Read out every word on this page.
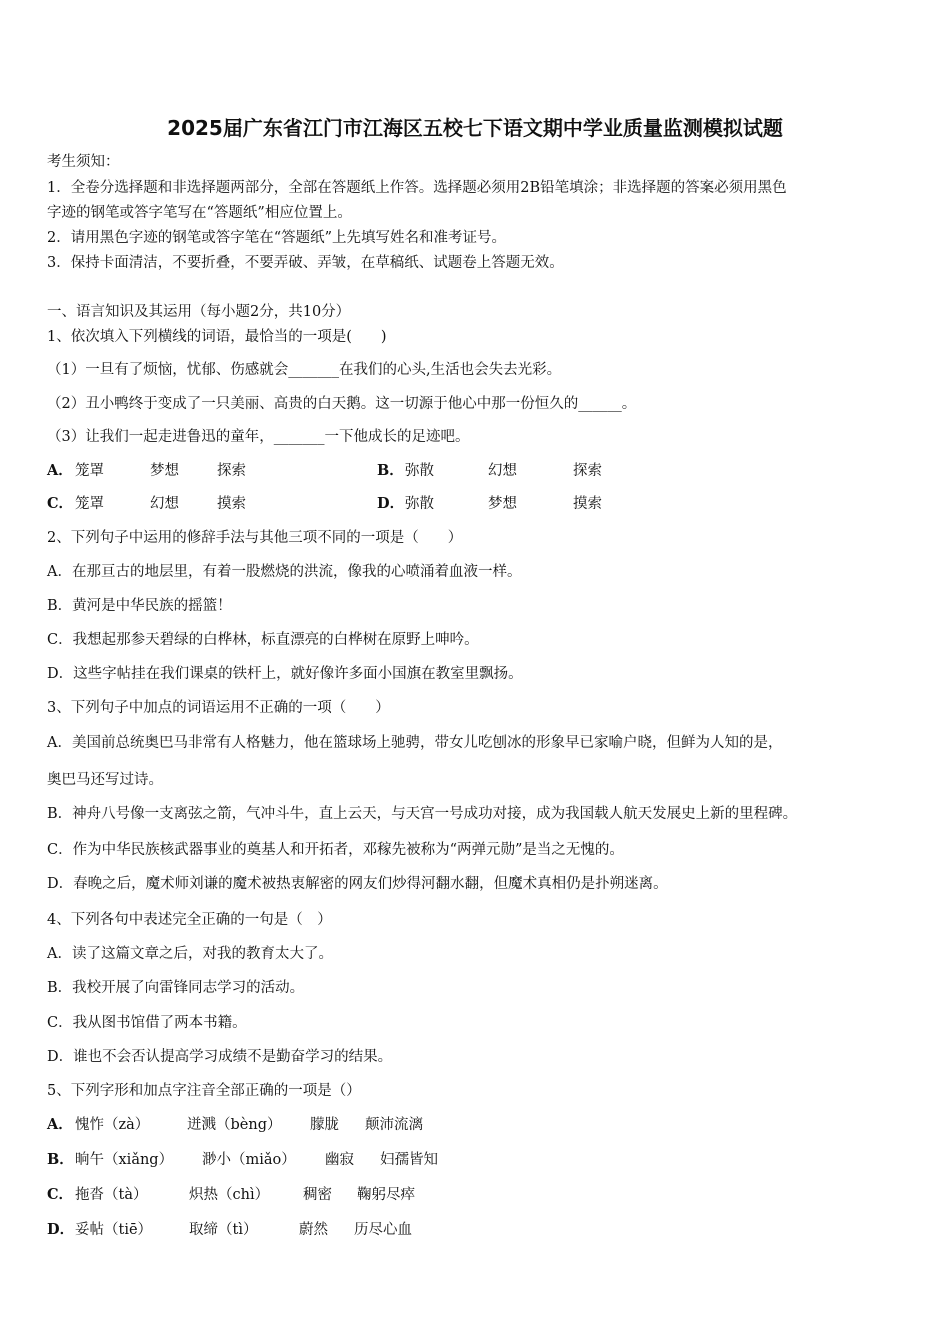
2025届广东省江门市江海区五校七下语文期中学业质量监测模拟试题
考生须知：
1．全卷分选择题和非选择题两部分，全部在答题纸上作答。选择题必须用2B铅笔填涂；非选择题的答案必须用黑色
字迹的钢笔或答字笔写在“答题纸”相应位置上。
2．请用黑色字迹的钢笔或答字笔在“答题纸”上先填写姓名和准考证号。
3．保持卡面清洁，不要折叠，不要弄破、弄皱，在草稿纸、试题卷上答题无效。
一、语言知识及其运用（每小题2分，共10分）
1、依次填入下列横线的词语，最恰当的一项是(　　)
（1）一旦有了烦恼，忧郁、伤感就会_______在我们的心头,生活也会失去光彩。
（2）丑小鸭终于变成了一只美丽、高贵的白天鹅。这一切源于他心中那一份恒久的______。
（3）让我们一起走进鲁迅的童年，_______一下他成长的足迹吧。
A． 笼罩	梦想	探索	B． 弥散	幻想	探索
C． 笼罩	幻想	摸索	D． 弥散	梦想	摸索
2、下列句子中运用的修辞手法与其他三项不同的一项是（　　）
A．在那亘古的地层里，有着一股燃烧的洪流，像我的心喷涌着血液一样。
B．黄河是中华民族的摇篮！
C．我想起那参天碧绿的白桦林，标直漂亮的白桦树在原野上呻吟。
D．这些字帖挂在我们课桌的铁杆上，就好像许多面小国旗在教室里飘扬。
3、下列句子中加点的词语运用不正确的一项（　　）
A．美国前总统奥巴马非常有人格魅力，他在篮球场上驰骋，带女儿吃刨冰的形象早已家喻户晓，但鲜为人知的是，
奥巴马还写过诗。
B．神舟八号像一支离弦之箭，气冲斗牛，直上云天，与天宫一号成功对接，成为我国载人航天发展史上新的里程碑。
C．作为中华民族核武器事业的奠基人和开拓者，邓稼先被称为“两弹元勋”是当之无愧的。
D．春晚之后，魔术师刘谦的魔术被热衷解密的网友们炒得河翻水翻，但魔术真相仍是扑朔迷离。
4、下列各句中表述完全正确的一句是（　）
A．读了这篇文章之后，对我的教育太大了。
B．我校开展了向雷锋同志学习的活动。
C．我从图书馆借了两本书籍。
D．谁也不会否认提高学习成绩不是勤奋学习的结果。
5、下列字形和加点字注音全部正确的一项是（）
A． 愧怍（zà）	迸溅（bèng） 朦胧 颠沛流漓
B． 晌午（xiǎng） 渺小（miǎo） 幽寂 妇孺皆知
C． 拖沓（tà）	炽热（chì） 稠密 鞠躬尽瘁
D． 妥帖（tiē）	取缔（tì）	蔚然 历尽心血
